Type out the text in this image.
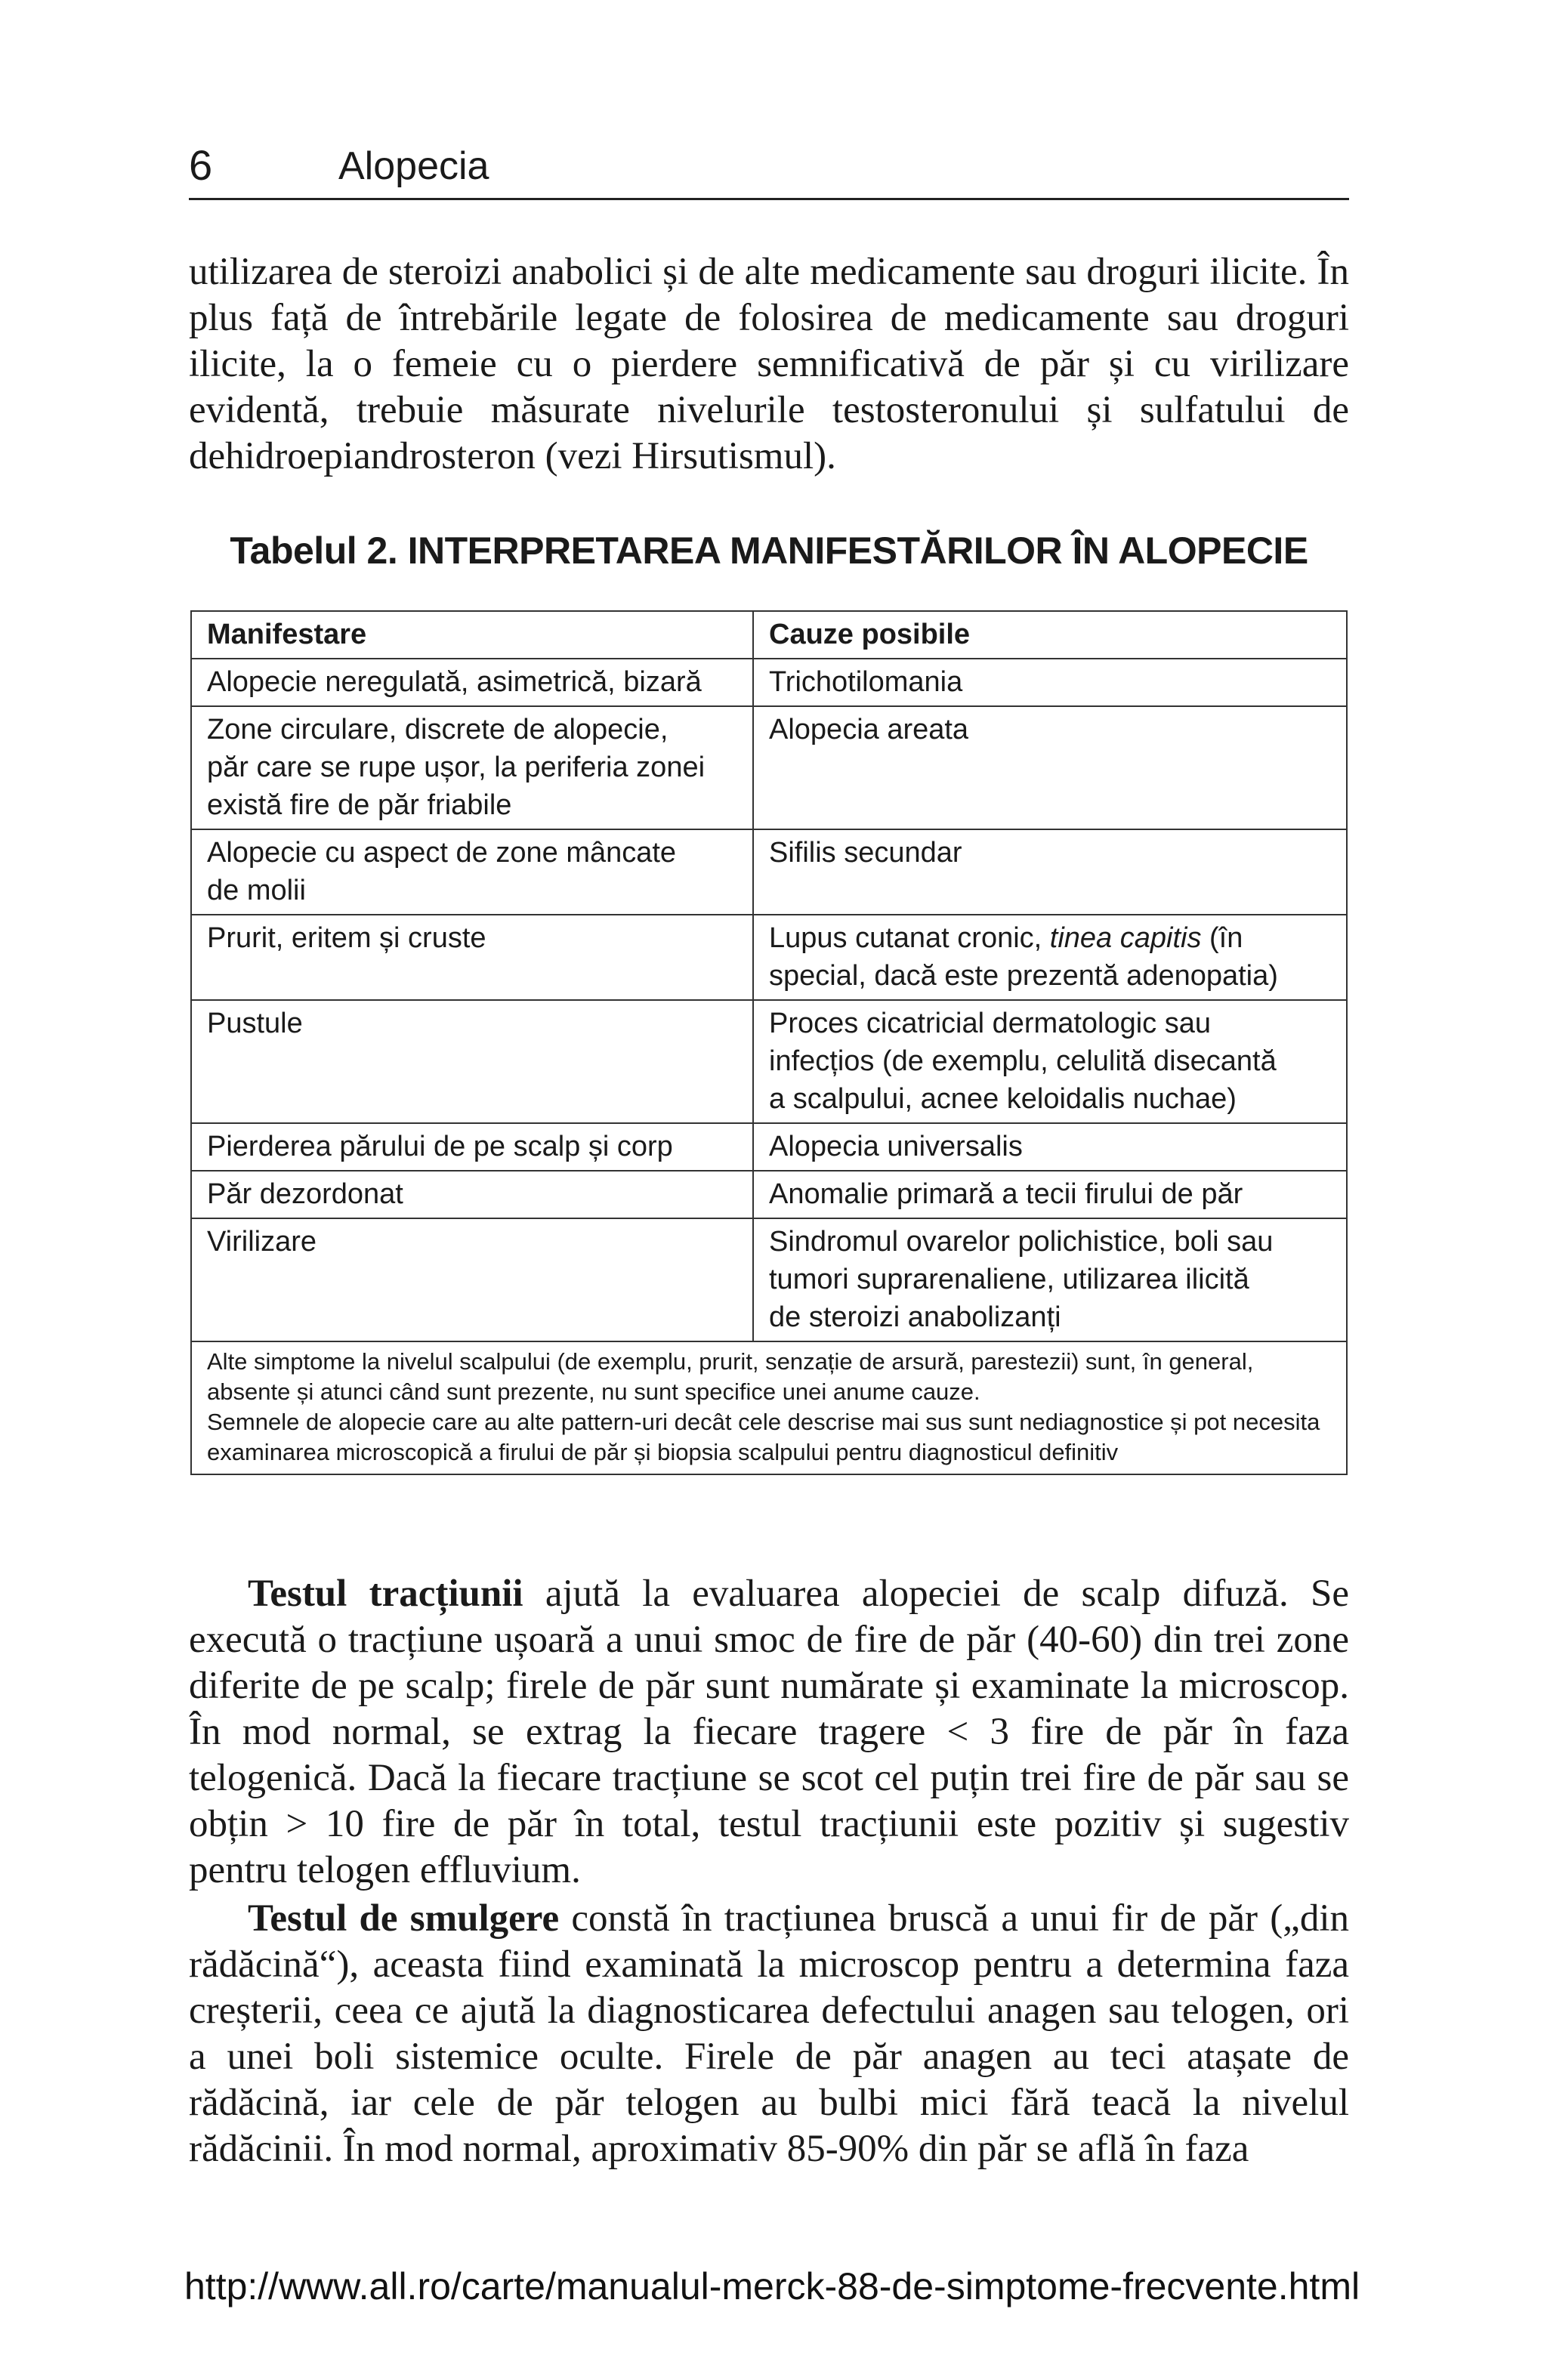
6	Alopecia

utilizarea de steroizi anabolici și de alte medicamente sau droguri ilicite. În plus față de întrebările legate de folosirea de medicamente sau droguri ilicite, la o femeie cu o pierdere semnificativă de păr și cu virilizare evidentă, trebuie măsurate nivelurile testosteronului și sulfatului de dehidroepiandrosteron (vezi Hirsutismul).

Tabelul 2. INTERPRETAREA MANIFESTĂRILOR ÎN ALOPECIE

Manifestare	Cauze posibile

Alopecie neregulată, asimetrică, bizară	Trichotilomania

Zone circulare, discrete de alopecie,
păr care se rupe ușor, la periferia zonei
există fire de păr friabile	Alopecia areata

Alopecie cu aspect de zone mâncate
de molii	Sifilis secundar

Prurit, eritem și cruste	Lupus cutanat cronic, tinea capitis (în
special, dacă este prezentă adenopatia)

Pustule	Proces cicatricial dermatologic sau
infecțios (de exemplu, celulită disecantă
a scalpului, acnee keloidalis nuchae)

Pierderea părului de pe scalp și corp	Alopecia universalis

Păr dezordonat	Anomalie primară a tecii firului de păr

Virilizare	Sindromul ovarelor polichistice, boli sau
tumori suprarenaliene, utilizarea ilicită
de steroizi anabolizanți

Alte simptome la nivelul scalpului (de exemplu, prurit, senzație de arsură, parestezii) sunt, în general, absente și atunci când sunt prezente, nu sunt specifice unei anume cauze.

Semnele de alopecie care au alte pattern-uri decât cele descrise mai sus sunt nediagnostice și pot necesita examinarea microscopică a firului de păr și biopsia scalpului pentru diagnosticul definitiv	

Testul tracțiunii ajută la evaluarea alopeciei de scalp difuză. Se execută o tracțiune ușoară a unui smoc de fire de păr (40-60) din trei zone diferite de pe scalp; firele de păr sunt numărate și examinate la microscop. În mod normal, se extrag la fiecare tragere < 3 fire de păr în faza telogenică. Dacă la fiecare tracțiune se scot cel puțin trei fire de păr sau se obțin > 10 fire de păr în total, testul tracțiunii este pozitiv și sugestiv pentru telogen effluvium.

Testul de smulgere constă în tracțiunea bruscă a unui fir de păr („din rădăcină“), aceasta fiind examinată la microscop pentru a determina faza creșterii, ceea ce ajută la diagnosticarea defectului anagen sau telogen, ori a unei boli sistemice oculte. Firele de păr anagen au teci atașate de rădăcină, iar cele de păr telogen au bulbi mici fără teacă la nivelul rădăcinii. În mod normal, aproximativ 85-90% din păr se află în faza

http://www.all.ro/carte/manualul-merck-88-de-simptome-frecvente.html
